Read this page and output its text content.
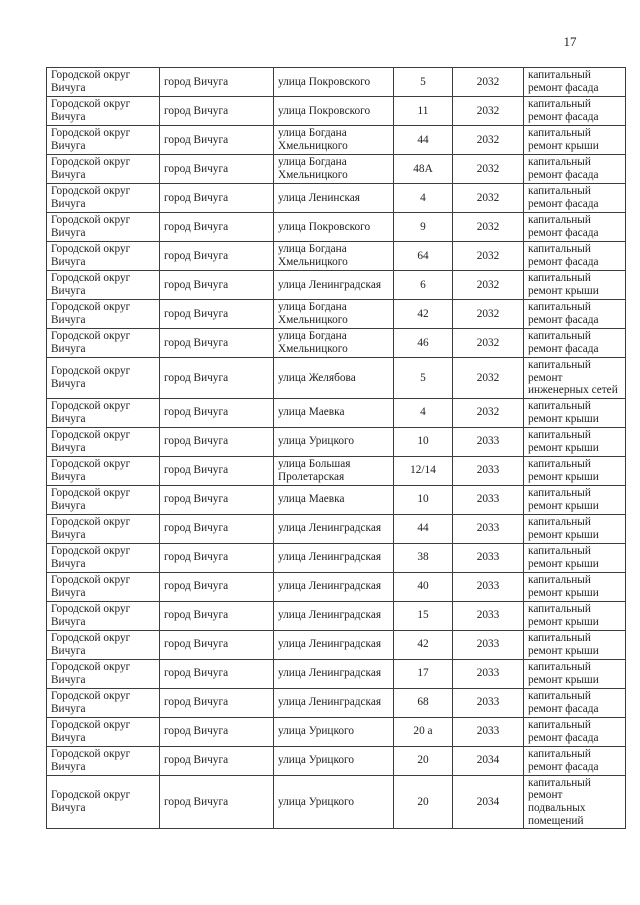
17
Городской округ Вичуга	город Вичуга	улица Покровского	5	2032	капитальный ремонт фасада
Городской округ Вичуга	город Вичуга	улица Покровского	11	2032	капитальный ремонт фасада
Городской округ Вичуга	город Вичуга	улица Богдана Хмельницкого	44	2032	капитальный ремонт крыши
Городской округ Вичуга	город Вичуга	улица Богдана Хмельницкого	48А	2032	капитальный ремонт фасада
Городской округ Вичуга	город Вичуга	улица Ленинская	4	2032	капитальный ремонт фасада
Городской округ Вичуга	город Вичуга	улица Покровского	9	2032	капитальный ремонт фасада
Городской округ Вичуга	город Вичуга	улица Богдана Хмельницкого	64	2032	капитальный ремонт фасада
Городской округ Вичуга	город Вичуга	улица Ленинградская	6	2032	капитальный ремонт крыши
Городской округ Вичуга	город Вичуга	улица Богдана Хмельницкого	42	2032	капитальный ремонт фасада
Городской округ Вичуга	город Вичуга	улица Богдана Хмельницкого	46	2032	капитальный ремонт фасада
Городской округ Вичуга	город Вичуга	улица Желябова	5	2032	капитальный ремонт инженерных сетей
Городской округ Вичуга	город Вичуга	улица Маевка	4	2032	капитальный ремонт крыши
Городской округ Вичуга	город Вичуга	улица Урицкого	10	2033	капитальный ремонт крыши
Городской округ Вичуга	город Вичуга	улица Большая Пролетарская	12/14	2033	капитальный ремонт крыши
Городской округ Вичуга	город Вичуга	улица Маевка	10	2033	капитальный ремонт крыши
Городской округ Вичуга	город Вичуга	улица Ленинградская	44	2033	капитальный ремонт крыши
Городской округ Вичуга	город Вичуга	улица Ленинградская	38	2033	капитальный ремонт крыши
Городской округ Вичуга	город Вичуга	улица Ленинградская	40	2033	капитальный ремонт крыши
Городской округ Вичуга	город Вичуга	улица Ленинградская	15	2033	капитальный ремонт крыши
Городской округ Вичуга	город Вичуга	улица Ленинградская	42	2033	капитальный ремонт крыши
Городской округ Вичуга	город Вичуга	улица Ленинградская	17	2033	капитальный ремонт крыши
Городской округ Вичуга	город Вичуга	улица Ленинградская	68	2033	капитальный ремонт фасада
Городской округ Вичуга	город Вичуга	улица Урицкого	20 а	2033	капитальный ремонт фасада
Городской округ Вичуга	город Вичуга	улица Урицкого	20	2034	капитальный ремонт фасада
Городской округ Вичуга	город Вичуга	улица Урицкого	20	2034	капитальный ремонт подвальных помещений
